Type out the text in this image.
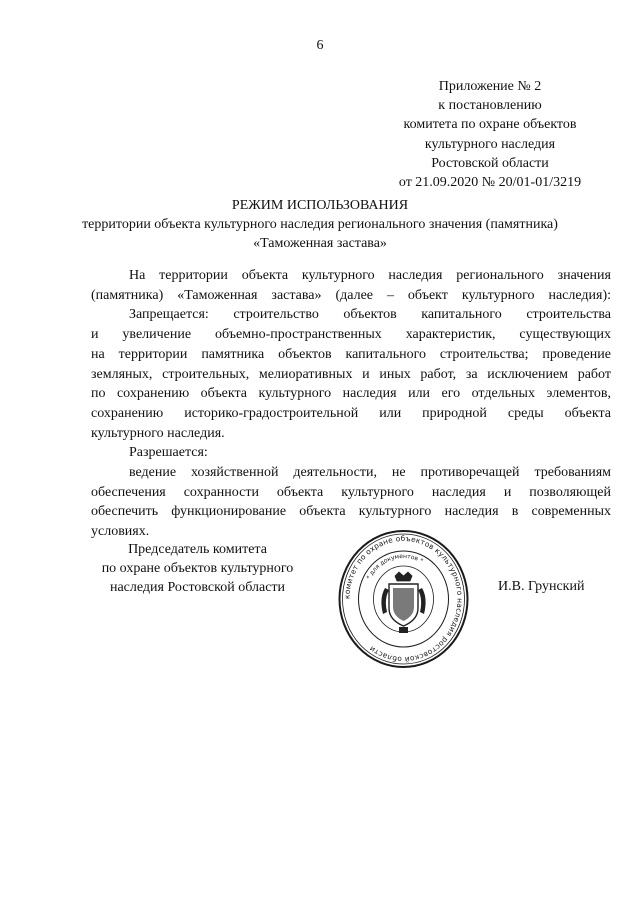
6
Приложение № 2
к постановлению
комитета по охране объектов
культурного наследия
Ростовской области
от 21.09.2020 № 20/01-01/3219
РЕЖИМ ИСПОЛЬЗОВАНИЯ
территории объекта культурного наследия регионального значения (памятника)
«Таможенная застава»

На территории объекта культурного наследия регионального значения

(памятника) «Таможенная застава» (далее – объект культурного наследия):

Запрещается: строительство объектов капитального строительства

и увеличение объемно-пространственных характеристик, существующих

на территории памятника объектов капитального строительства; проведение

земляных, строительных, мелиоративных и иных работ, за исключением работ

по сохранению объекта культурного наследия или его отдельных элементов,

сохранению историко-градостроительной или природной среды объекта

культурного наследия.

Разрешается:

ведение хозяйственной деятельности, не противоречащей требованиям

обеспечения сохранности объекта культурного наследия и позволяющей

обеспечить функционирование объекта культурного наследия в современных

условиях.

Председатель комитета
по охране объектов культурного
наследия Ростовской области
комитет по охране объектов культурного наследия ростовской области
* для документов *
И.В. Грунский
